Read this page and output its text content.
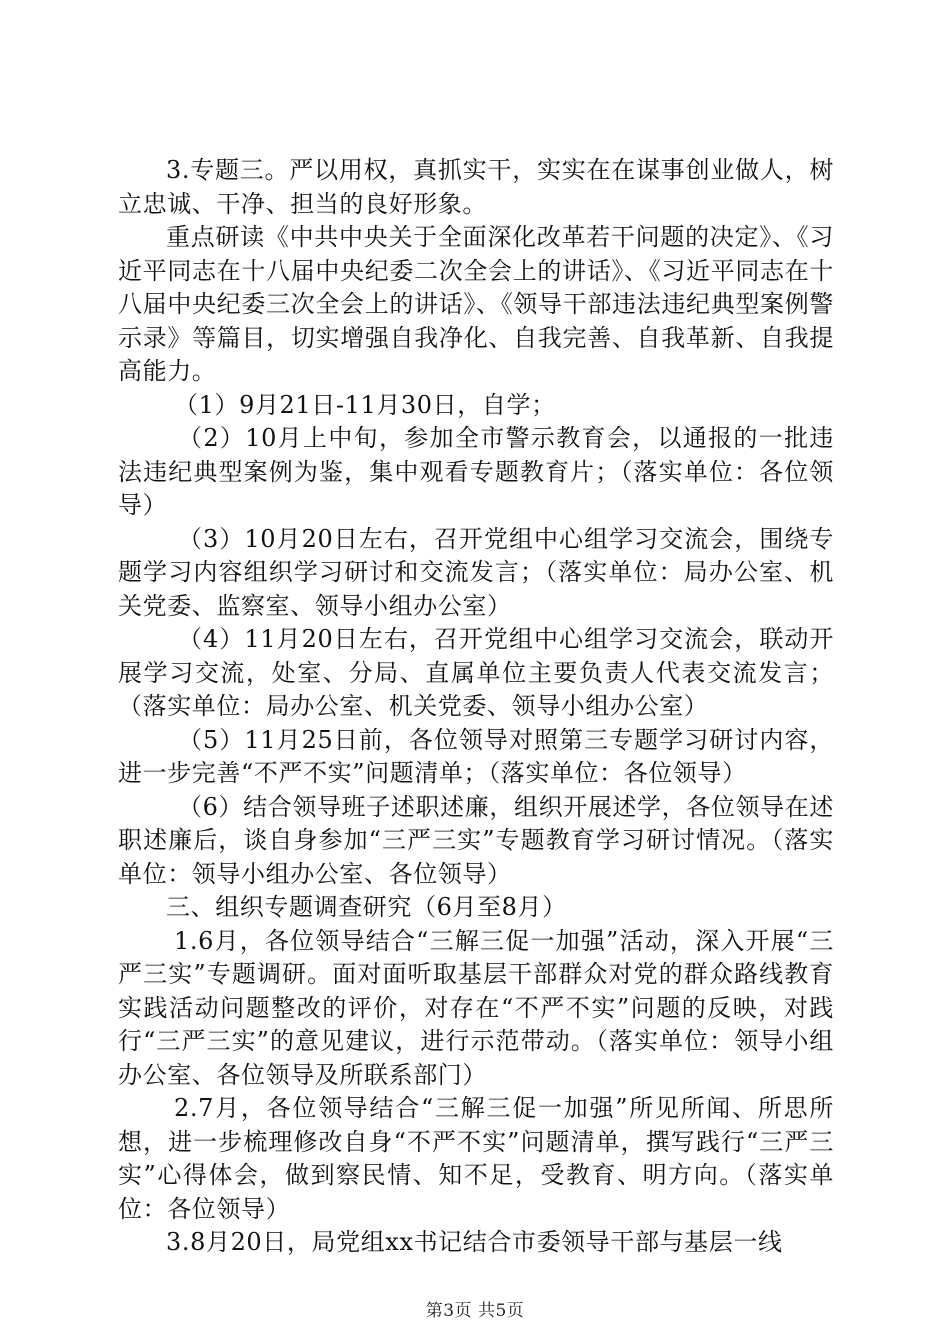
3.专题三。严以用权，真抓实干，实实在在谋事创业做人，树立忠诚、干净、担当的良好形象。

重点研读《中共中央关于全面深化改革若干问题的决定》、《习近平同志在十八届中央纪委二次全会上的讲话》、《习近平同志在十八届中央纪委三次全会上的讲话》、《领导干部违法违纪典型案例警示录》等篇目，切实增强自我净化、自我完善、自我革新、自我提高能力。

（1）9月21日-11月30日，自学；

（2）10月上中旬，参加全市警示教育会，以通报的一批违法违纪典型案例为鉴，集中观看专题教育片；（落实单位：各位领导）

（3）10月20日左右，召开党组中心组学习交流会，围绕专题学习内容组织学习研讨和交流发言；（落实单位：局办公室、机关党委、监察室、领导小组办公室）

（4）11月20日左右，召开党组中心组学习交流会，联动开展学习交流，处室、分局、直属单位主要负责人代表交流发言；（落实单位：局办公室、机关党委、领导小组办公室）

（5）11月25日前，各位领导对照第三专题学习研讨内容，进一步完善“不严不实”问题清单；（落实单位：各位领导）

（6）结合领导班子述职述廉，组织开展述学，各位领导在述职述廉后，谈自身参加“三严三实”专题教育学习研讨情况。（落实单位：领导小组办公室、各位领导）

三、组织专题调查研究（6月至8月）

1.6月，各位领导结合“三解三促一加强”活动，深入开展“三严三实”专题调研。面对面听取基层干部群众对党的群众路线教育实践活动问题整改的评价，对存在“不严不实”问题的反映，对践行“三严三实”的意见建议，进行示范带动。（落实单位：领导小组办公室、各位领导及所联系部门）

2.7月，各位领导结合“三解三促一加强”所见所闻、所思所想，进一步梳理修改自身“不严不实”问题清单，撰写践行“三严三实”心得体会，做到察民情、知不足，受教育、明方向。（落实单位：各位领导）

3.8月20日，局党组xx书记结合市委领导干部与基层一线

第3页 共5页
